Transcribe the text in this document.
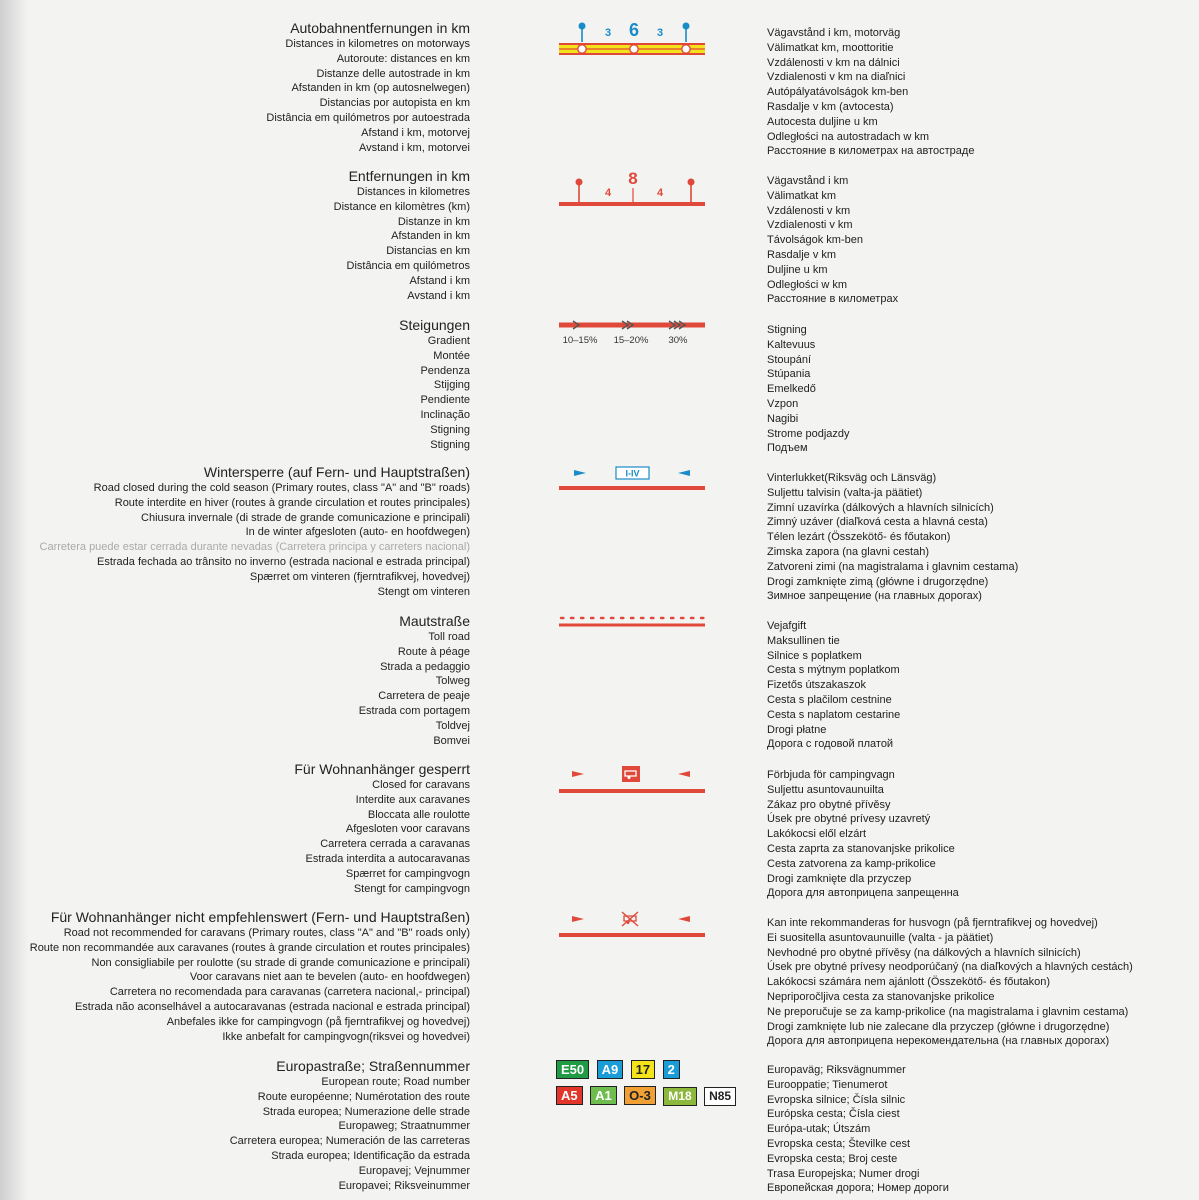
Autobahnentfernungen in km
Distances in kilometres on motorways
Autoroute: distances en km
Distanze delle autostrade in km
Afstanden in km (op autosnelwegen)
Distancias por autopista en km
Distância em quilómetros por autoestrada
Afstand i km, motorvej
Avstand i km, motorvei
3 6 3	Vägavstånd i km, motorväg
Välimatkat km, moottoritie
Vzdálenosti v km na dálnici
Vzdialenosti v km na diaľnici
Autópályatávolságok km-ben
Rasdalje v km (avtocesta)
Autocesta duljine u km
Odległości na autostradach w km
Расстояние в километрах на автостраде
Entfernungen in km
Distances in kilometres
Distance en kilomètres (km)
Distanze in km
Afstanden in km
Distancias en km
Distância em quilómetros
Afstand i km
Avstand i km
4
8
4
Vägavstånd i km
Välimatkat km
Vzdálenosti v km
Vzdialenosti v km
Távolságok km-ben
Rasdalje v km
Duljine u km
Odległości w km
Расстояние в километрах
Steigungen
Gradient
Montée
Pendenza
Stijging
Pendiente
Inclinação
Stigning
Stigning
10–15% 15–20% 30%
Stigning
Kaltevuus
Stoupání
Stúpania
Emelkedő
Vzpon
Nagibi
Strome podjazdy
Подъем
Wintersperre (auf Fern- und Hauptstraßen)
Road closed during the cold season (Primary routes, class "A" and "B" roads)
Route interdite en hiver (routes à grande circulation et routes principales)
Chiusura invernale (di strade de grande comunicazione e principali)
In de winter afgesloten (auto- en hoofdwegen)
Carretera puede estar cerrada durante nevadas (Carretera principa y carreters nacional)
Estrada fechada ao trânsito no inverno (estrada nacional e estrada principal)
Spærret om vinteren (fjerntrafikvej, hovedvej)
Stengt om vinteren
I-IV	Vinterlukket(Riksväg och Länsväg)
Suljettu talvisin (valta-ja päätiet)
Zimní uzavírka (dálkových a hlavních silnicích)
Zimný uzáver (diaľková cesta a hlavná cesta)
Télen lezárt (Összekötő- és főutakon)
Zimska zapora (na glavni cestah)
Zatvoreni zimi (na magistralama i glavnim cestama)
Drogi zamknięte zimą (główne i drugorzędne)
Зимное запрещение (на главных дорогах)
Mautstraße
Toll road
Route à péage
Strada a pedaggio
Tolweg
Carretera de peaje
Estrada com portagem
Toldvej
Bomvei
Vejafgift
Maksullinen tie
Silnice s poplatkem
Cesta s mýtnym poplatkom
Fizetős útszakaszok
Cesta s plačilom cestnine
Cesta s naplatom cestarine
Drogi płatne
Дорога с годовой платой
Für Wohnanhänger gesperrt
Closed for caravans
Interdite aux caravanes
Bloccata alle roulotte
Afgesloten voor caravans
Carretera cerrada a caravanas
Estrada interdita a autocaravanas
Spærret for campingvogn
Stengt for campingvogn
Förbjuda för campingvagn
Suljettu asuntovaunuilta
Zákaz pro obytné přívěsy
Úsek pre obytné prívesy uzavretý
Lakókocsi elől elzárt
Cesta zaprta za stanovanjske prikolice
Cesta zatvorena za kamp-prikolice
Drogi zamknięte dla przyczep
Дорога для автоприцепа запрещенна
Für Wohnanhänger nicht empfehlenswert (Fern- und Hauptstraßen)
Road not recommended for caravans (Primary routes, class "A" and "B" roads only)
Route non recommandée aux caravanes (routes à grande circulation et routes principales)
Non consigliabile per roulotte (su strade di grande comunicazione e principali)
Voor caravans niet aan te bevelen (auto- en hoofdwegen)
Carretera no recomendada para caravanas (carretera nacional,- principal)
Estrada não aconselhável a autocaravanas (estrada nacional e estrada principal)
Anbefales ikke for campingvogn (på fjerntrafikvej og hovedvej)
Ikke anbefalt for campingvogn(riksvei og hovedvei)
Kan inte rekommanderas for husvogn (på fjerntrafikvej og hovedvej)
Ei suositella asuntovaunuille (valta - ja päätiet)
Nevhodné pro obytné přívěsy (na dálkových a hlavních silnicích)
Úsek pre obytné prívesy neodporúčaný (na diaľkových a hlavných cestách)
Lakókocsi számára nem ajánlott (Összekötő- és főutakon)
Nepriporočljiva cesta za stanovanjske prikolice
Ne preporučuje se za kamp-prikolice (na magistralama i glavnim cestama)
Drogi zamknięte lub nie zalecane dla przyczep (główne i drugorzędne)
Дорога для автоприцепа нерекомендательна (на главных дорогах)
Europastraße; Straßennummer
European route; Road number
Route européenne; Numérotation des route
Strada europea; Numerazione delle strade
Europaweg; Straatnummer
Carretera europea; Numeración de las carreteras
Strada europea; Identificação da estrada
Europavej; Vejnummer
Europavei; Riksveinummer
E50 A9 17 2
A5 A1 O-3 M18 N85
Europaväg; Riksvägnummer
Eurooppatie; Tienumerot
Evropska silnice; Čísla silnic
Európska cesta; Čísla ciest
Európa-utak; Útszám
Evropska cesta; Številke cest
Evropska cesta; Broj ceste
Trasa Europejska; Numer drogi
Европейская дорога; Номер дороги
